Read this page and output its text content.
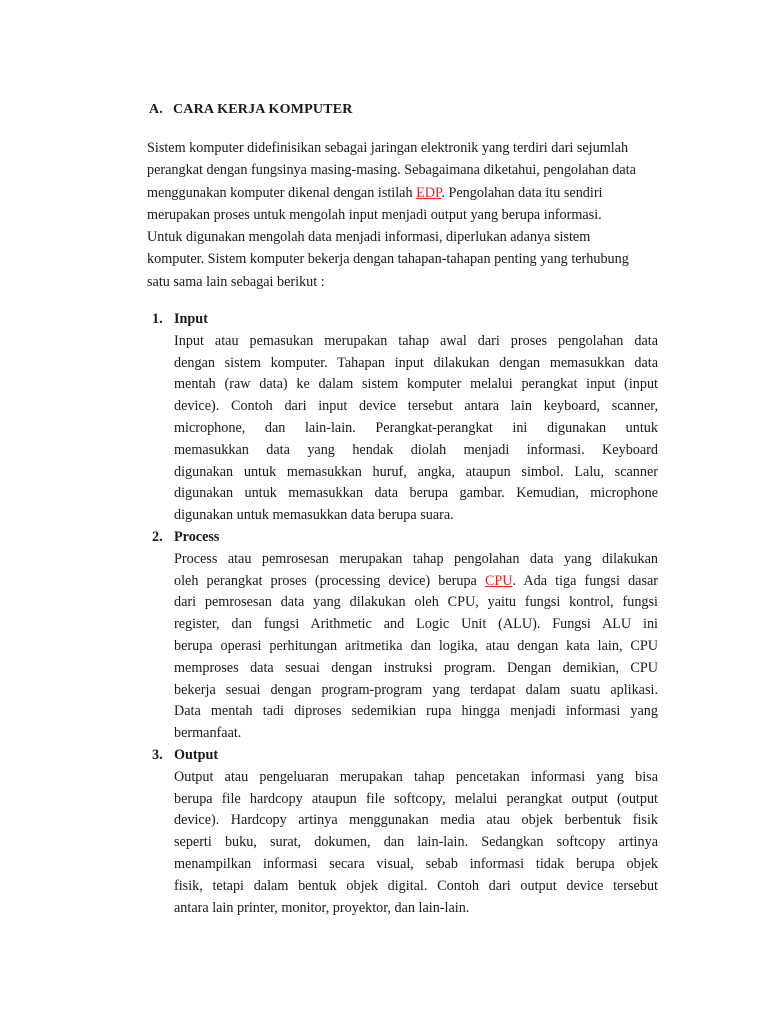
A. CARA KERJA KOMPUTER
Sistem komputer didefinisikan sebagai jaringan elektronik yang terdiri dari sejumlah
perangkat dengan fungsinya masing-masing. Sebagaimana diketahui, pengolahan data
menggunakan komputer dikenal dengan istilah EDP. Pengolahan data itu sendiri
merupakan proses untuk mengolah input menjadi output yang berupa informasi.
Untuk digunakan mengolah data menjadi informasi, diperlukan adanya sistem
komputer. Sistem komputer bekerja dengan tahapan-tahapan penting yang terhubung
satu sama lain sebagai berikut :
1. Input
Input atau pemasukan merupakan tahap awal dari proses pengolahan data
dengan sistem komputer. Tahapan input dilakukan dengan memasukkan data
mentah (raw data) ke dalam sistem komputer melalui perangkat input (input
device). Contoh dari input device tersebut antara lain keyboard, scanner,
microphone, dan lain-lain. Perangkat-perangkat ini digunakan untuk
memasukkan data yang hendak diolah menjadi informasi. Keyboard
digunakan untuk memasukkan huruf, angka, ataupun simbol. Lalu, scanner
digunakan untuk memasukkan data berupa gambar. Kemudian, microphone
digunakan untuk memasukkan data berupa suara.
2. Process
Process atau pemrosesan merupakan tahap pengolahan data yang dilakukan
oleh perangkat proses (processing device) berupa CPU. Ada tiga fungsi dasar
dari pemrosesan data yang dilakukan oleh CPU, yaitu fungsi kontrol, fungsi
register, dan fungsi Arithmetic and Logic Unit (ALU). Fungsi ALU ini
berupa operasi perhitungan aritmetika dan logika, atau dengan kata lain, CPU
memproses data sesuai dengan instruksi program. Dengan demikian, CPU
bekerja sesuai dengan program-program yang terdapat dalam suatu aplikasi.
Data mentah tadi diproses sedemikian rupa hingga menjadi informasi yang
bermanfaat.
3. Output
Output atau pengeluaran merupakan tahap pencetakan informasi yang bisa
berupa file hardcopy ataupun file softcopy, melalui perangkat output (output
device). Hardcopy artinya menggunakan media atau objek berbentuk fisik
seperti buku, surat, dokumen, dan lain-lain. Sedangkan softcopy artinya
menampilkan informasi secara visual, sebab informasi tidak berupa objek
fisik, tetapi dalam bentuk objek digital. Contoh dari output device tersebut
antara lain printer, monitor, proyektor, dan lain-lain.
